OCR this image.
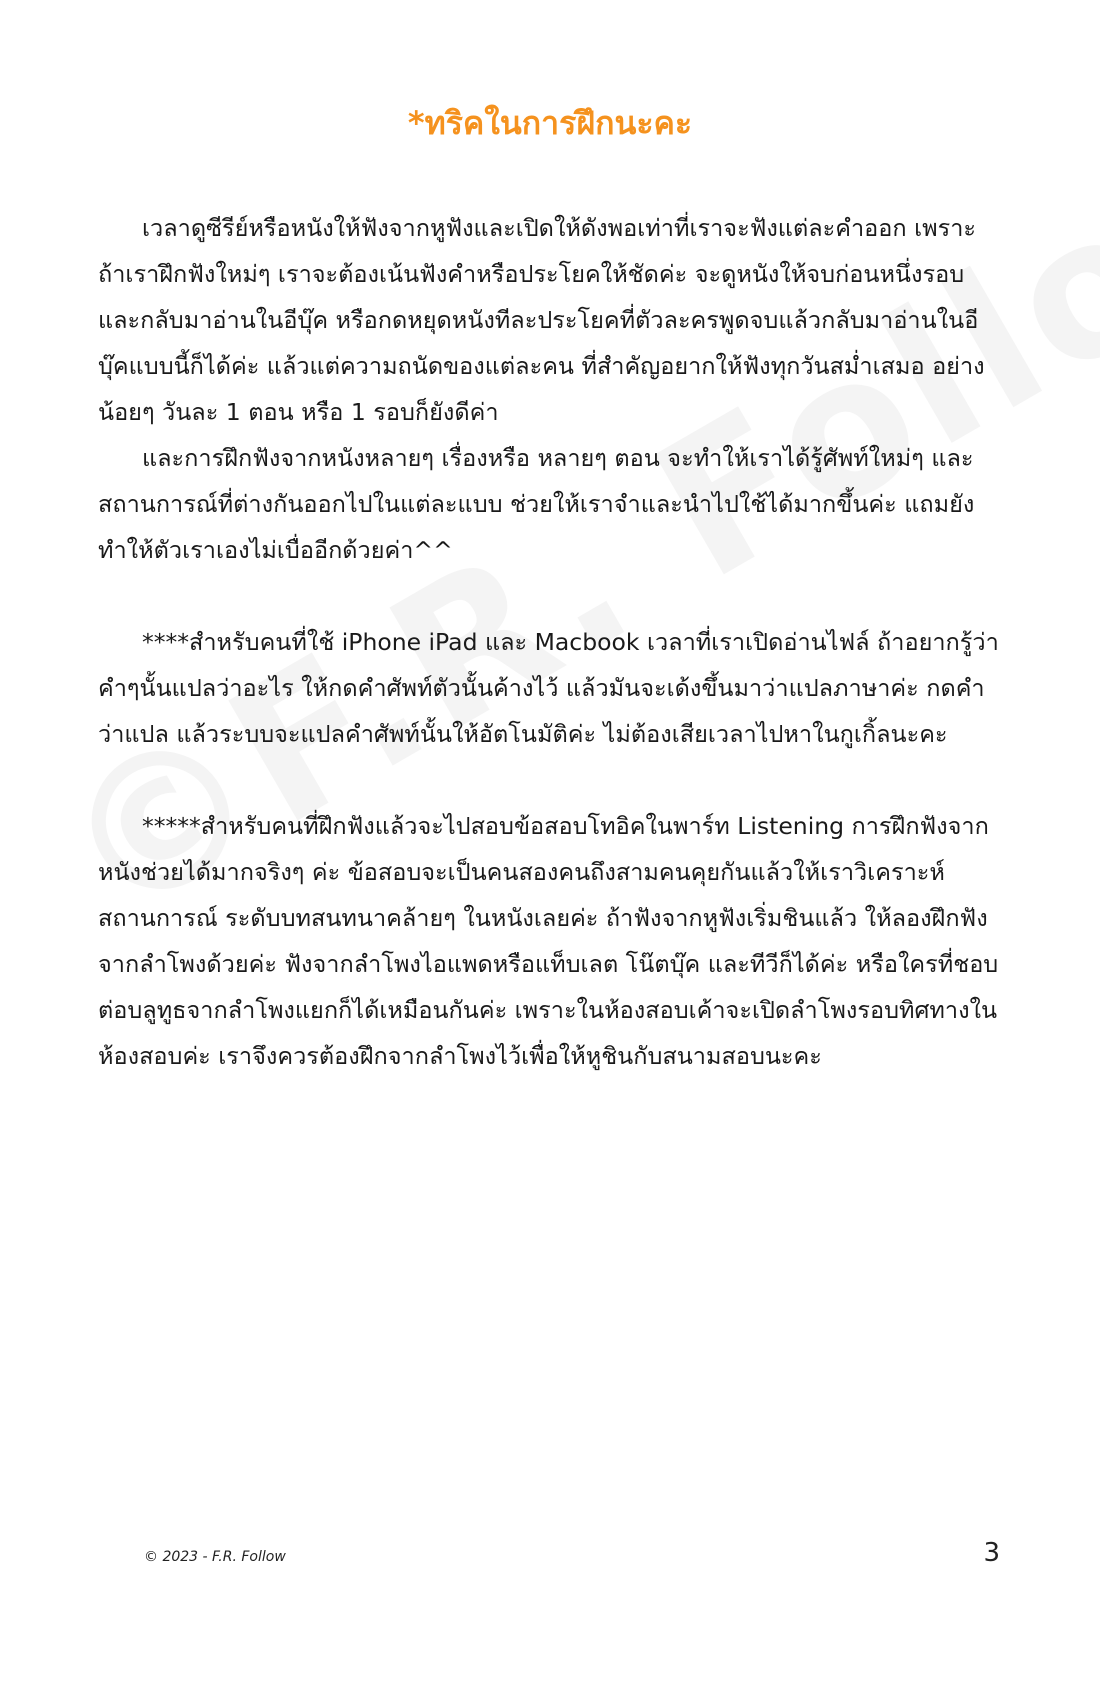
*ทริคในการฝึกนะคะ

เวลาดูซีรีย์หรือหนังให้ฟังจากหูฟังและเปิดให้ดังพอเท่าที่เราจะฟังแต่ละคำออก เพราะถ้าเราฝึกฟังใหม่ๆ เราจะต้องเน้นฟังคำหรือประโยคให้ชัดค่ะ จะดูหนังให้จบก่อนหนึ่งรอบและกลับมาอ่านในอีบุ๊ค หรือกดหยุดหนังทีละประโยคที่ตัวละครพูดจบแล้วกลับมาอ่านในอีบุ๊คแบบนี้ก็ได้ค่ะ แล้วแต่ความถนัดของแต่ละคน ที่สำคัญอยากให้ฟังทุกวันสม่ำเสมอ อย่างน้อยๆ วันละ 1 ตอน หรือ 1 รอบก็ยังดีค่า

และการฝึกฟังจากหนังหลายๆ เรื่องหรือ หลายๆ ตอน จะทำให้เราได้รู้ศัพท์ใหม่ๆ และสถานการณ์ที่ต่างกันออกไปในแต่ละแบบ ช่วยให้เราจำและนำไปใช้ได้มากขึ้นค่ะ แถมยังทำให้ตัวเราเองไม่เบื่ออีกด้วยค่า^^

****สำหรับคนที่ใช้ iPhone iPad และ Macbook เวลาที่เราเปิดอ่านไฟล์ ถ้าอยากรู้ว่าคำๆนั้นแปลว่าอะไร ให้กดคำศัพท์ตัวนั้นค้างไว้ แล้วมันจะเด้งขึ้นมาว่าแปลภาษาค่ะ กดคำว่าแปล แล้วระบบจะแปลคำศัพท์นั้นให้อัตโนมัติค่ะ ไม่ต้องเสียเวลาไปหาในกูเกิ้ลนะคะ

*****สำหรับคนที่ฝึกฟังแล้วจะไปสอบข้อสอบโทอิคในพาร์ท Listening การฝึกฟังจากหนังช่วยได้มากจริงๆ ค่ะ ข้อสอบจะเป็นคนสองคนถึงสามคนคุยกันแล้วให้เราวิเคราะห์สถานการณ์ ระดับบทสนทนาคล้ายๆ ในหนังเลยค่ะ ถ้าฟังจากหูฟังเริ่มชินแล้ว ให้ลองฝึกฟังจากลำโพงด้วยค่ะ ฟังจากลำโพงไอแพดหรือแท็บเลต โน๊ตบุ๊ค และทีวีก็ได้ค่ะ หรือใครที่ชอบต่อบลูทูธจากลำโพงแยกก็ได้เหมือนกันค่ะ เพราะในห้องสอบเค้าจะเปิดลำโพงรอบทิศทางในห้องสอบค่ะ เราจึงควรต้องฝึกจากลำโพงไว้เพื่อให้หูชินกับสนามสอบนะคะ

© 2023 - F.R. Follow	3
